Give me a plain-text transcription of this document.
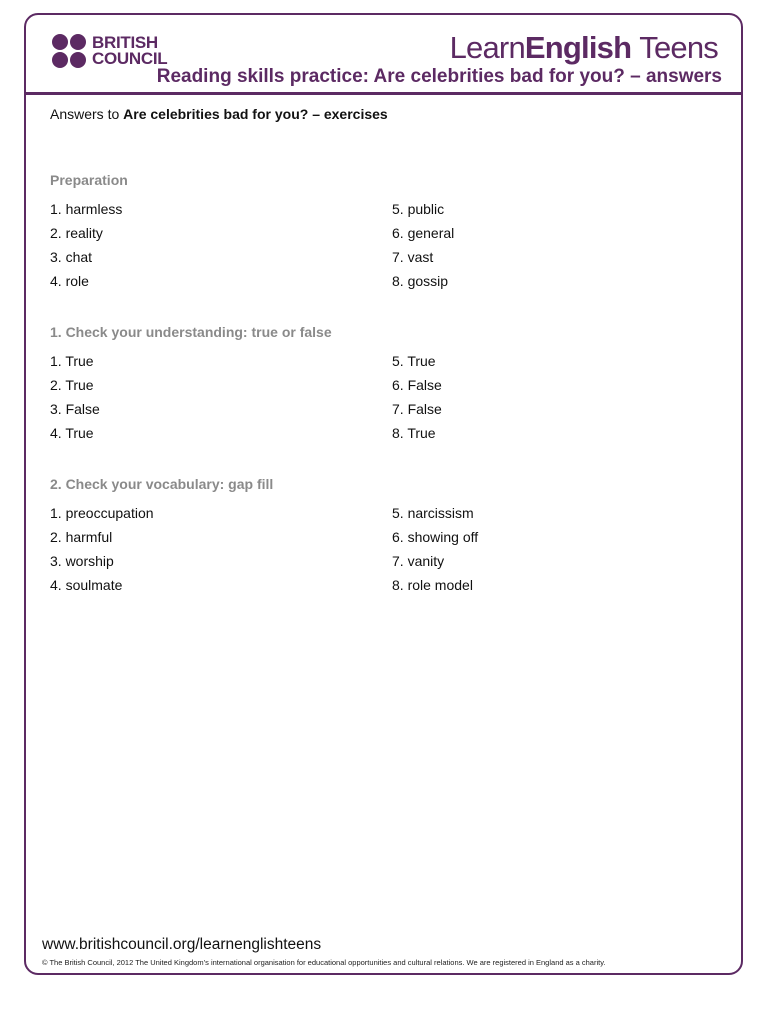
BRITISH
COUNCIL	LearnEnglish Teens
Reading skills practice: Are celebrities bad for you? – answers
Answers to Are celebrities bad for you? – exercises
Preparation
1. harmless
2. reality
3. chat
4. role
5. public
6. general
7. vast
8. gossip
1. Check your understanding: true or false
1. True
2. True
3. False
4. True
5. True
6. False
7. False
8. True
2. Check your vocabulary: gap fill
1. preoccupation
2. harmful
3. worship
4. soulmate
5. narcissism
6. showing off
7. vanity
8. role model
www.britishcouncil.org/learnenglishteens
© The British Council, 2012 The United Kingdom’s international organisation for educational opportunities and cultural relations. We are registered in England as a charity.
